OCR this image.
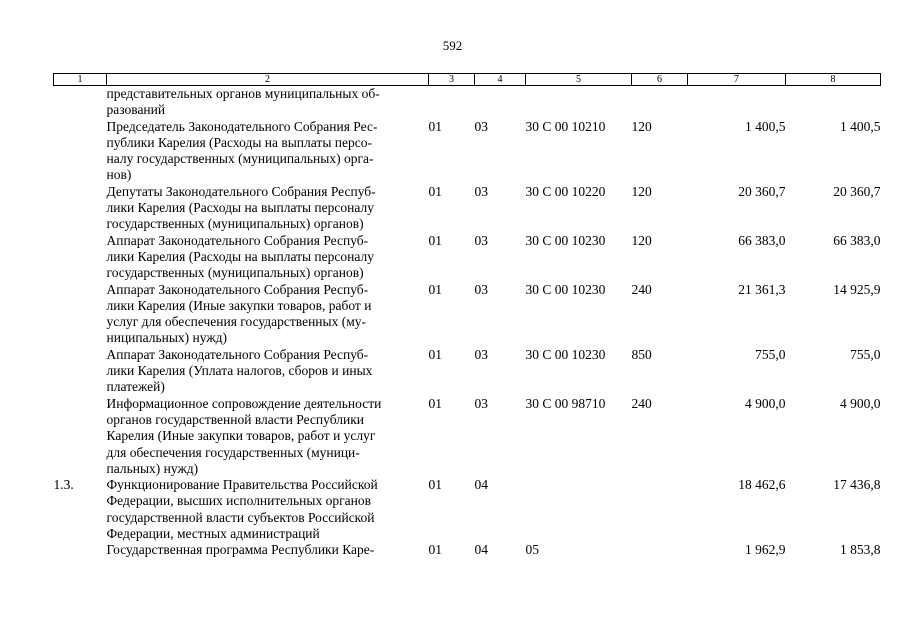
592
1	2	3	4	5	6	7	8

	представительных органов муниципальных об-
разований						

	Председатель Законодательного Собрания Рес-
публики Карелия (Расходы на выплаты персо-
налу государственных (муниципальных) орга-
нов)	01	03	30 С 00 10210	120	1 400,5	1 400,5

	Депутаты Законодательного Собрания Респуб-
лики Карелия (Расходы на выплаты персоналу
государственных (муниципальных) органов)	01	03	30 С 00 10220	120	20 360,7	20 360,7

	Аппарат Законодательного Собрания Респуб-
лики Карелия (Расходы на выплаты персоналу
государственных (муниципальных) органов)	01	03	30 С 00 10230	120	66 383,0	66 383,0

	Аппарат Законодательного Собрания Респуб-
лики Карелия (Иные закупки товаров, работ и
услуг для обеспечения государственных (му-
ниципальных) нужд)	01	03	30 С 00 10230	240	21 361,3	14 925,9

	Аппарат Законодательного Собрания Респуб-
лики Карелия (Уплата налогов, сборов и иных
платежей)	01	03	30 С 00 10230	850	755,0	755,0

	Информационное сопровождение деятельности
органов государственной власти Республики
Карелия (Иные закупки товаров, работ и услуг
для обеспечения государственных (муници-
пальных) нужд)	01	03	30 С 00 98710	240	4 900,0	4 900,0
1.3.	Функционирование Правительства Российской
Федерации, высших исполнительных органов
государственной власти субъектов Российской
Федерации, местных администраций	01	04			18 462,6	17 436,8

	Государственная программа Республики Каре-	01	04	05		1 962,9	1 853,8
